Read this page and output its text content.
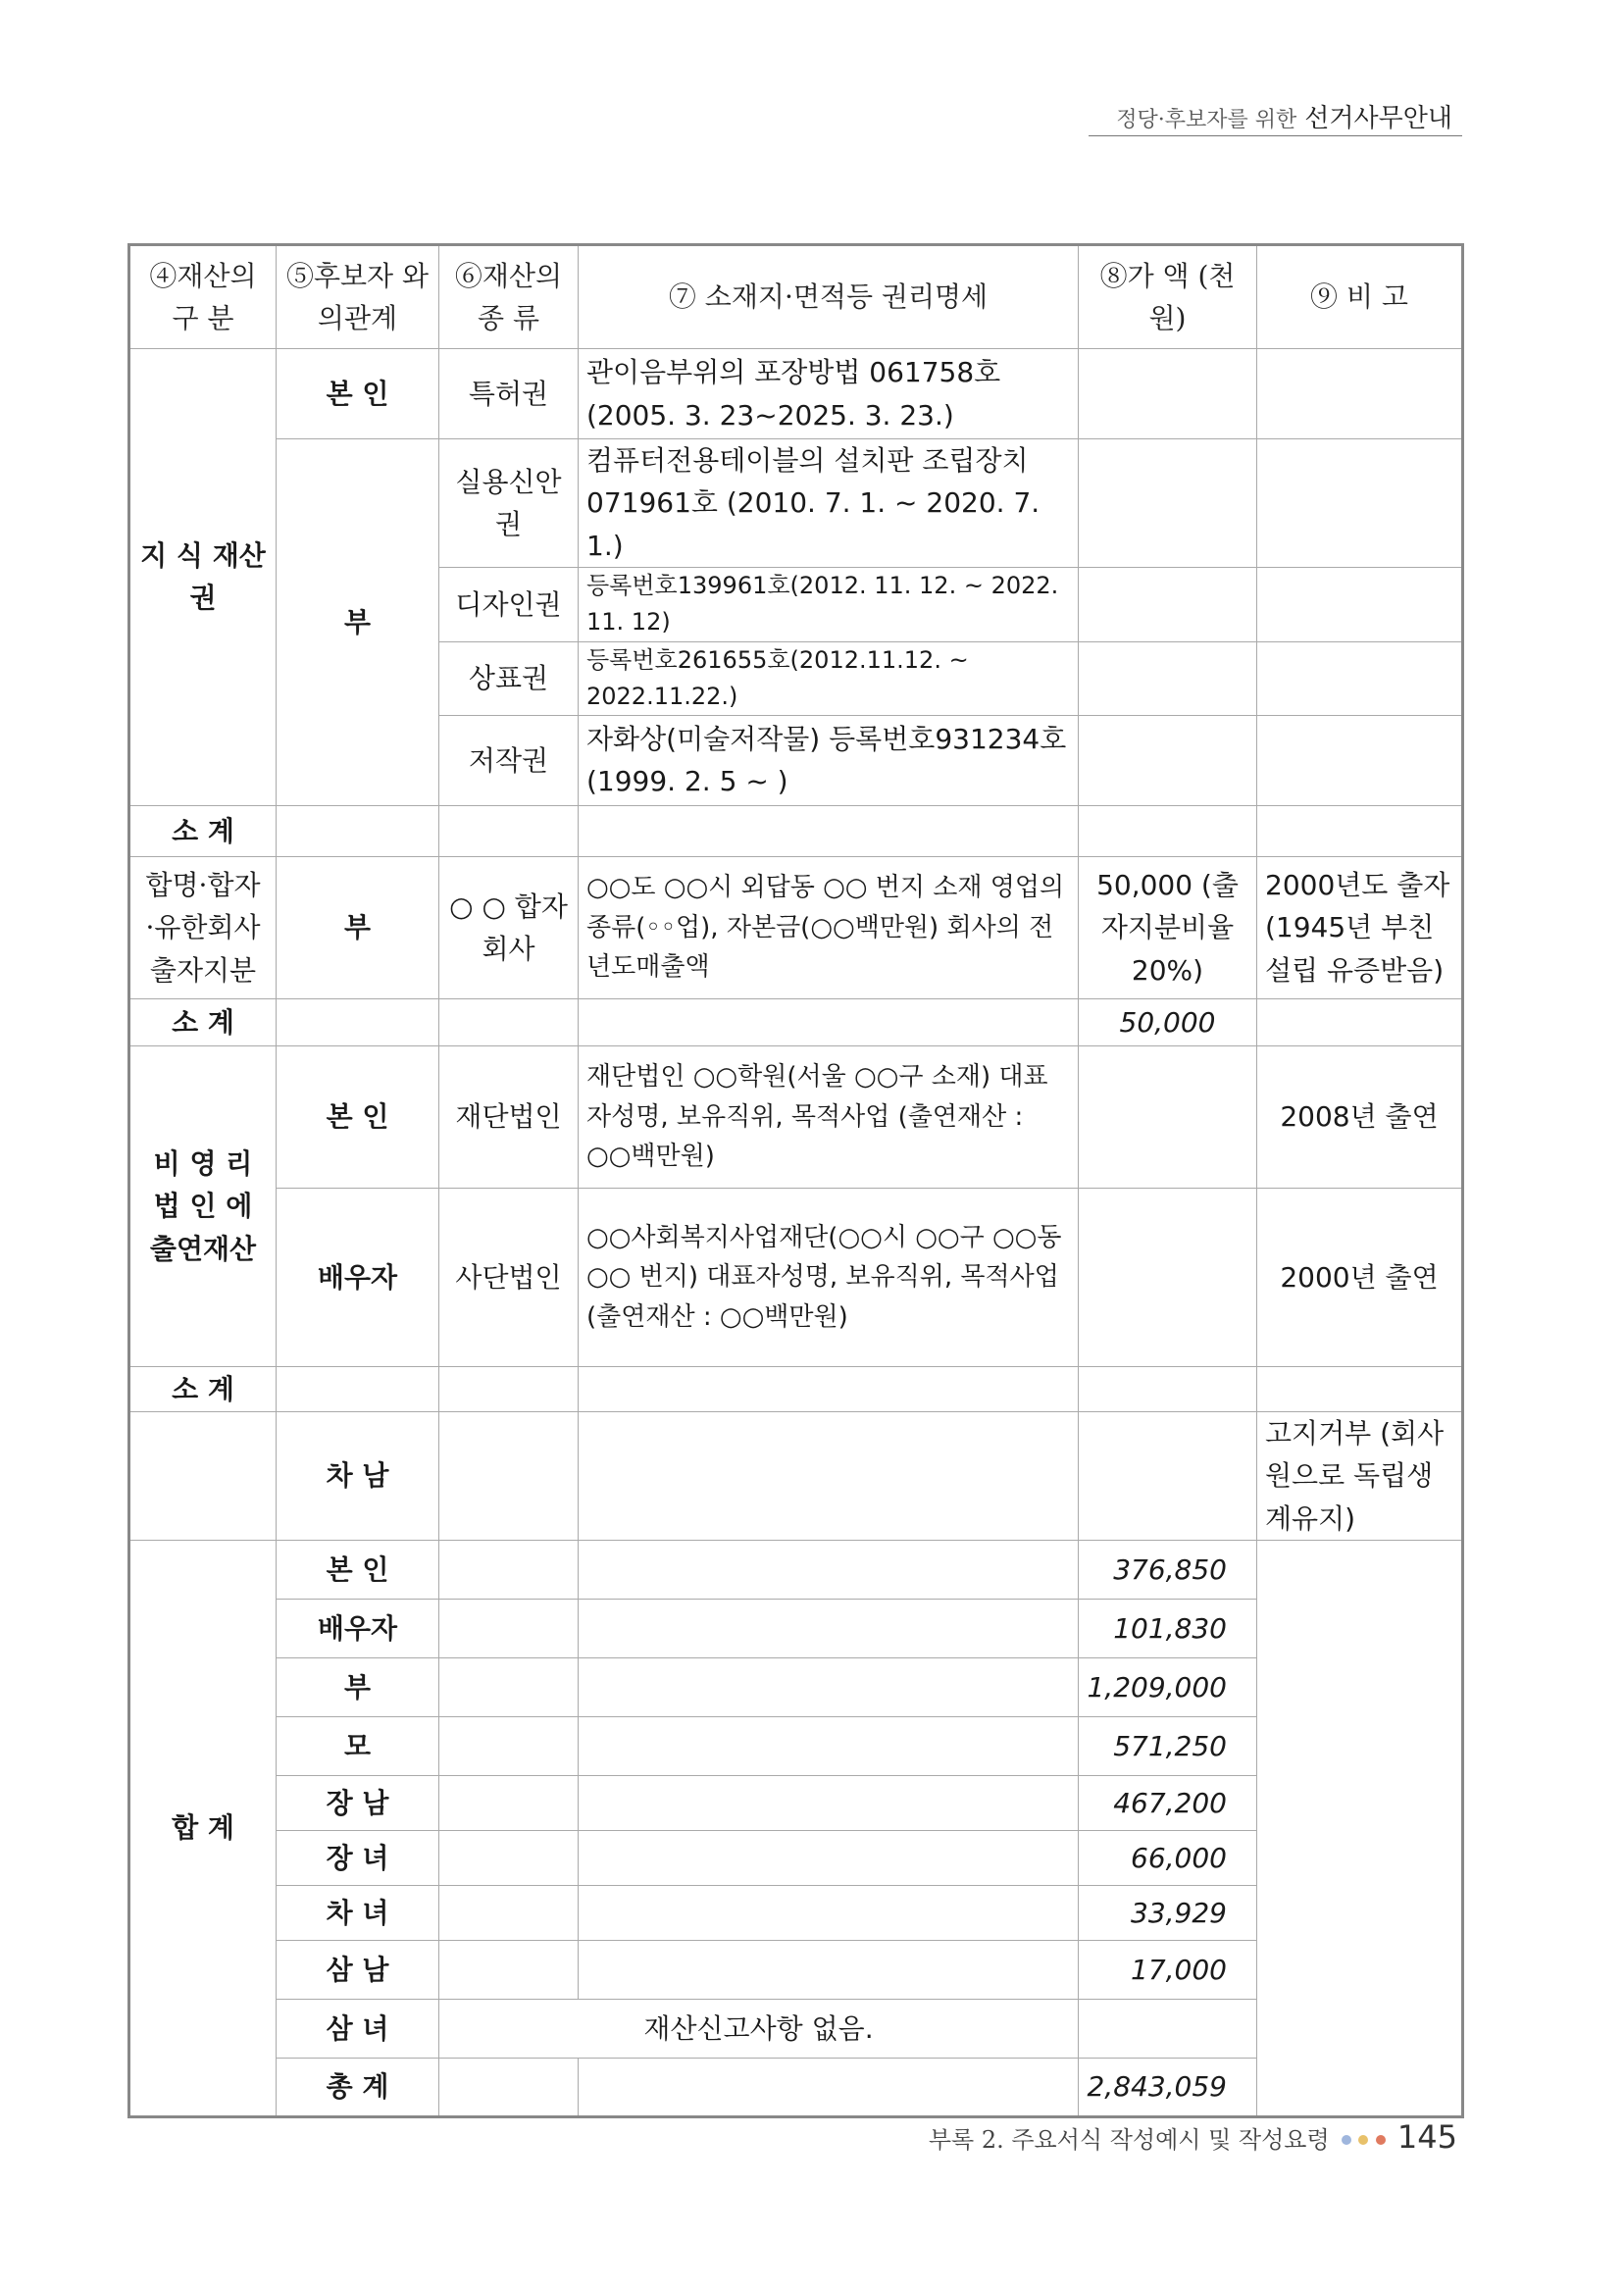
정당·후보자를 위한 선거사무안내
④재산의 구 분	⑤후보자 와의관계	⑥재산의 종 류	⑦ 소재지·면적등 권리명세	⑧가 액 (천원)	⑨ 비 고
지 식 재산권	본 인	특허권	관이음부위의 포장방법 061758호 (2005. 3. 23~2025. 3. 23.)		
	부	실용신안권	컴퓨터전용테이블의 설치판 조립장치 071961호 (2010. 7. 1. ~ 2020. 7. 1.)		
		디자인권	등록번호139961호(2012. 11. 12. ~ 2022. 11. 12)		
		상표권	등록번호261655호(2012.11.12. ~ 2022.11.22.)		
		저작권	자화상(미술저작물) 등록번호931234호 (1999. 2. 5 ~ )		
소 계					
합명·합자 ·유한회사 출자지분	부	○ ○ 합자회사	○○도 ○○시 외답동 ○○ 번지 소재 영업의 종류(◦◦업), 자본금(○○백만원) 회사의 전년도매출액	50,000 (출자지분비율 20%)	2000년도 출자 (1945년 부친설립 유증받음)
소 계				50,000	
비 영 리 법 인 에 출연재산	본 인	재단법인	재단법인 ○○학원(서울 ○○구 소재) 대표자성명, 보유직위, 목적사업 (출연재산 : ○○백만원)		2008년 출연
	배우자	사단법인	○○사회복지사업재단(○○시 ○○구 ○○동 ○○ 번지) 대표자성명, 보유직위, 목적사업 (출연재산 : ○○백만원)		2000년 출연
소 계					
	차 남				고지거부 (회사원으로 독립생계유지)
합 계	본 인			376,850	
	배우자			101,830	
	부			1,209,000	
	모			571,250	
	장 남			467,200	
	장 녀			66,000	
	차 녀			33,929	
	삼 남			17,000	
	삼 녀	재산신고사항 없음.			
	총 계			2,843,059	
부록 2. 주요서식 작성예시 및 작성요령
145
